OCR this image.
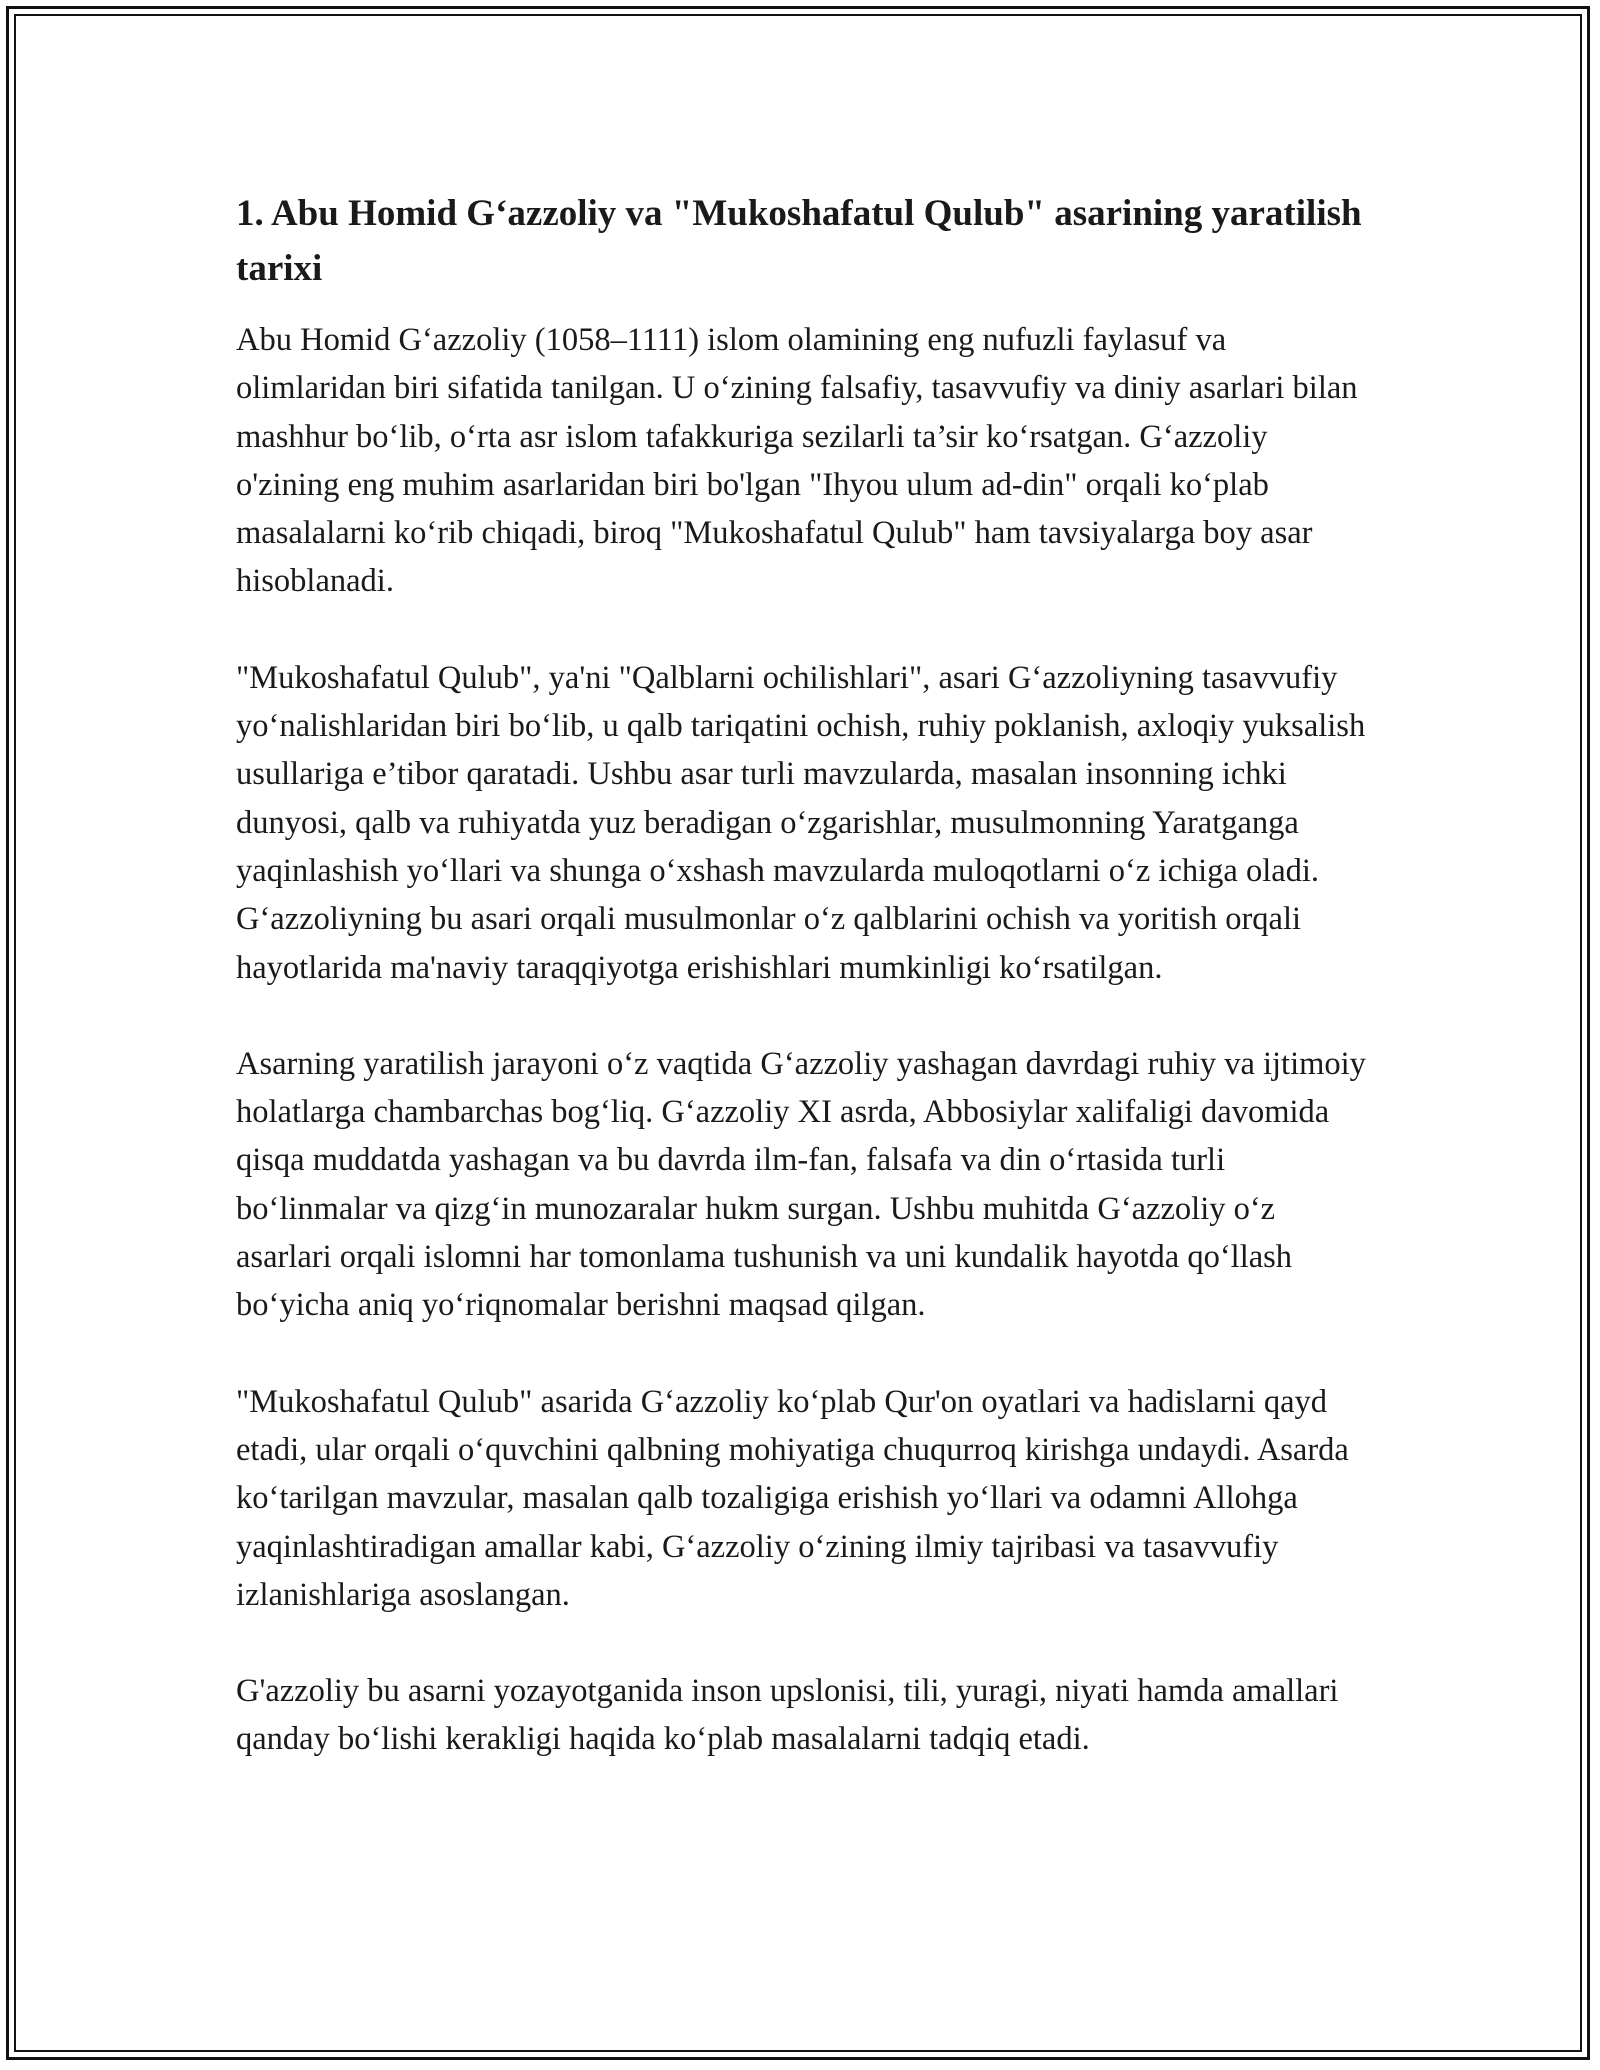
1. Abu Homid G‘azzoliy va "Mukoshafatul Qulub" asarining yaratilish tarixi

Abu Homid G‘azzoliy (1058–1111) islom olamining eng nufuzli faylasuf va olimlaridan biri sifatida tanilgan. U o‘zining falsafiy, tasavvufiy va diniy asarlari bilan mashhur bo‘lib, o‘rta asr islom tafakkuriga sezilarli ta’sir ko‘rsatgan. G‘azzoliy o'zining eng muhim asarlaridan biri bo'lgan "Ihyou ulum ad-din" orqali ko‘plab masalalarni ko‘rib chiqadi, biroq "Mukoshafatul Qulub" ham tavsiyalarga boy asar hisoblanadi.

"Mukoshafatul Qulub", ya'ni "Qalblarni ochilishlari", asari G‘azzoliyning tasavvufiy yo‘nalishlaridan biri bo‘lib, u qalb tariqatini ochish, ruhiy poklanish, axloqiy yuksalish usullariga e’tibor qaratadi. Ushbu asar turli mavzularda, masalan insonning ichki dunyosi, qalb va ruhiyatda yuz beradigan o‘zgarishlar, musulmonning Yaratganga yaqinlashish yo‘llari va shunga o‘xshash mavzularda muloqotlarni o‘z ichiga oladi. G‘azzoliyning bu asari orqali musulmonlar o‘z qalblarini ochish va yoritish orqali hayotlarida ma'naviy taraqqiyotga erishishlari mumkinligi ko‘rsatilgan.

Asarning yaratilish jarayoni o‘z vaqtida G‘azzoliy yashagan davrdagi ruhiy va ijtimoiy holatlarga chambarchas bog‘liq. G‘azzoliy XI asrda, Abbosiylar xalifaligi davomida qisqa muddatda yashagan va bu davrda ilm-fan, falsafa va din o‘rtasida turli bo‘linmalar va qizg‘in munozaralar hukm surgan. Ushbu muhitda G‘azzoliy o‘z asarlari orqali islomni har tomonlama tushunish va uni kundalik hayotda qo‘llash bo‘yicha aniq yo‘riqnomalar berishni maqsad qilgan.

"Mukoshafatul Qulub" asarida G‘azzoliy ko‘plab Qur'on oyatlari va hadislarni qayd etadi, ular orqali o‘quvchini qalbning mohiyatiga chuqurroq kirishga undaydi. Asarda ko‘tarilgan mavzular, masalan qalb tozaligiga erishish yo‘llari va odamni Allohga yaqinlashtiradigan amallar kabi, G‘azzoliy o‘zining ilmiy tajribasi va tasavvufiy izlanishlariga asoslangan.

G'azzoliy bu asarni yozayotganida inson upslonisi, tili, yuragi, niyati hamda amallari qanday bo‘lishi kerakligi haqida ko‘plab masalalarni tadqiq etadi.
